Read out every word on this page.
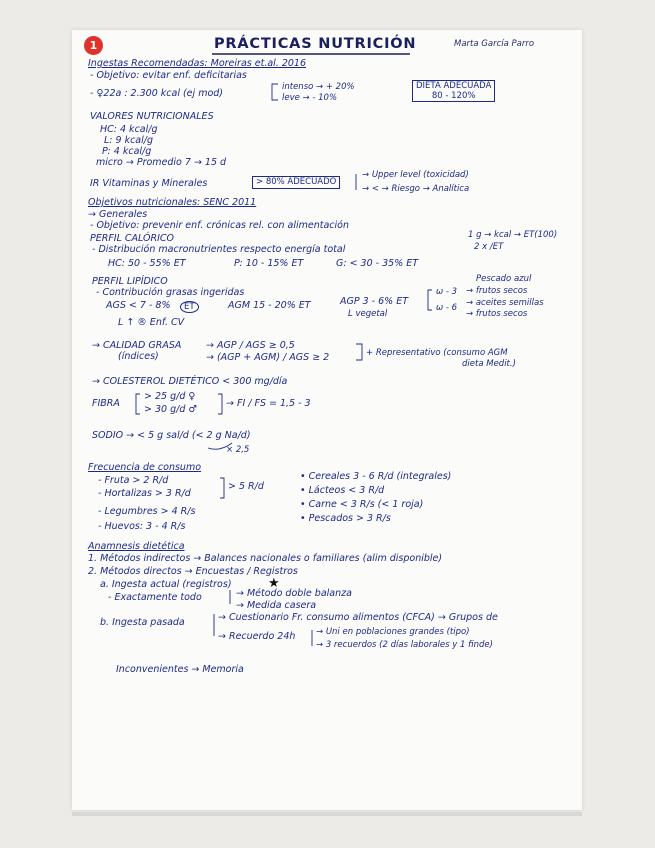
1	PRÁCTICAS NUTRICIÓN	Marta García Parro
Ingestas Recomendadas: Moreiras et.al. 2016
- Objetivo: evitar enf. deficitarias
- ♀22a : 2.300 kcal (ej mod)
intenso → + 20%
leve → - 10%
DIETA ADECUADA
80 - 120%
VALORES NUTRICIONALES
HC: 4 kcal/g
L: 9 kcal/g
P: 4 kcal/g
micro → Promedio 7 → 15 d
IR Vitaminas y Minerales	> 80% ADECUADO
→ Upper level (toxicidad)
→ < → Riesgo → Analítica
Objetivos nutricionales: SENC 2011
→ Generales
- Objetivo: prevenir enf. crónicas rel. con alimentación
PERFIL CALÓRICO
- Distribución macronutrientes respecto energía total
HC: 50 - 55% ET	P: 10 - 15% ET	G: < 30 - 35% ET
1 g → kcal → ET(100)
2 x /ET
PERFIL LIPÍDICO
- Contribución grasas ingeridas
AGS < 7 - 8%	ET	AGM 15 - 20% ET	AGP 3 - 6% ET
L vegetal
ω - 3
ω - 6
Pescado azul
→ frutos secos
→ aceites semillas
→ frutos secos
L ↑ ® Enf. CV
→ CALIDAD GRASA
(índices)
→ AGP / AGS ≥ 0,5
→ (AGP + AGM) / AGS ≥ 2	+ Representativo (consumo AGM
dieta Medit.)
→ COLESTEROL DIETÉTICO < 300 mg/día
FIBRA
> 25 g/d ♀
> 30 g/d ♂
→ FI / FS = 1,5 - 3
SODIO → < 5 g sal/d (< 2 g Na/d)
× 2,5
Frecuencia de consumo
- Fruta > 2 R/d
- Hortalizas > 3 R/d
> 5 R/d
- Legumbres > 4 R/s
- Huevos: 3 - 4 R/s
• Cereales 3 - 6 R/d (integrales)
• Lácteos < 3 R/d
• Carne < 3 R/s (< 1 roja)
• Pescados > 3 R/s
Anamnesis dietética
1. Métodos indirectos → Balances nacionales o familiares (alim disponible)
2. Métodos directos → Encuestas / Registros
a. Ingesta actual (registros)	★
- Exactamente todo	→ Método doble balanza
→ Medida casera
b. Ingesta pasada	→ Cuestionario Fr. consumo alimentos (CFCA) → Grupos de
→ Recuerdo 24h → Uni en poblaciones grandes (tipo)
→ 3 recuerdos (2 días laborales y 1 finde)
Inconvenientes → Memoria
